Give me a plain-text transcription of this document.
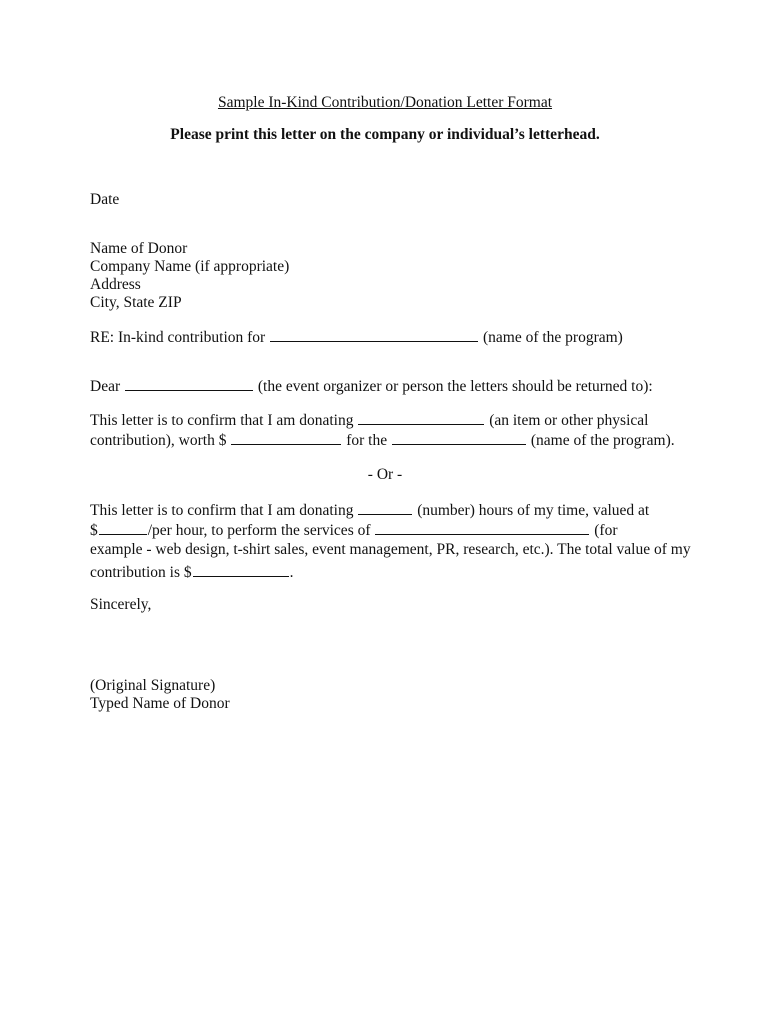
Sample In-Kind Contribution/Donation Letter Format
Please print this letter on the company or individual’s letterhead.
Date
Name of Donor
Company Name (if appropriate)
Address
City, State ZIP
RE: In-kind contribution for	(name of the program)
Dear	(the event organizer or person the letters should be returned to):
This letter is to confirm that I am donating	(an item or other physical
contribution), worth $	for the	(name of the program).
- Or -
This letter is to confirm that I am donating	(number) hours of my time, valued at
$	/per hour, to perform the services of	(for
example - web design, t-shirt sales, event management, PR, research, etc.). The total value of my
contribution is $	.
Sincerely,
(Original Signature)
Typed Name of Donor
